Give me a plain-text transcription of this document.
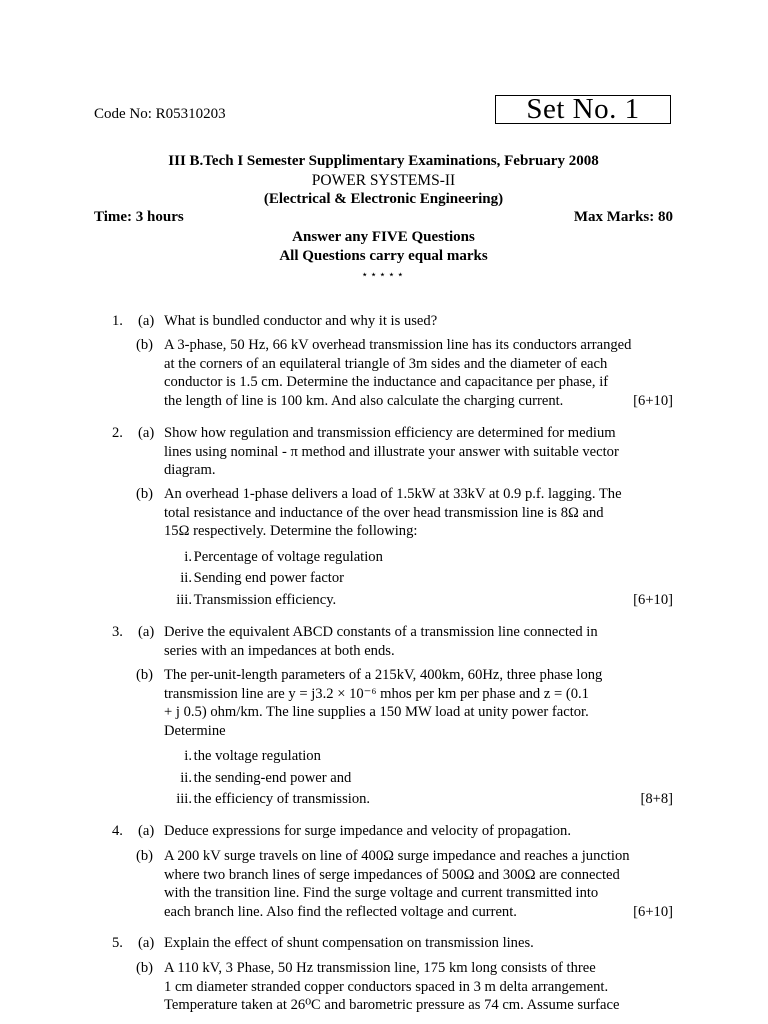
Code No: R05310203	Set No. 1
III B.Tech I Semester Supplimentary Examinations, February 2008
POWER SYSTEMS-II
(Electrical & Electronic Engineering)
Time: 3 hours	Max Marks: 80
Answer any FIVE Questions
All Questions carry equal marks
⋆⋆⋆⋆⋆
1. (a) What is bundled conductor and why it is used?
(b) A 3-phase, 50 Hz, 66 kV overhead transmission line has its conductors arranged
at the corners of an equilateral triangle of 3m sides and the diameter of each
conductor is 1.5 cm. Determine the inductance and capacitance per phase, if
the length of line is 100 km. And also calculate the charging current.	[6+10]
2. (a) Show how regulation and transmission efficiency are determined for medium
lines using nominal - π method and illustrate your answer with suitable vector
diagram.
(b) An overhead 1-phase delivers a load of 1.5kW at 33kV at 0.9 p.f. lagging. The
total resistance and inductance of the over head transmission line is 8Ω and
15Ω respectively. Determine the following:
i. Percentage of voltage regulation
ii. Sending end power factor
iii. Transmission efficiency.	[6+10]
3. (a) Derive the equivalent ABCD constants of a transmission line connected in
series with an impedances at both ends.
(b) The per-unit-length parameters of a 215kV, 400km, 60Hz, three phase long
transmission line are y = j3.2 × 10⁻⁶ mhos per km per phase and z = (0.1
+ j 0.5) ohm/km. The line supplies a 150 MW load at unity power factor.
Determine
i. the voltage regulation
ii. the sending-end power and
iii. the efficiency of transmission.	[8+8]
4. (a) Deduce expressions for surge impedance and velocity of propagation.
(b) A 200 kV surge travels on line of 400Ω surge impedance and reaches a junction
where two branch lines of serge impedances of 500Ω and 300Ω are connected
with the transition line. Find the surge voltage and current transmitted into
each branch line. Also find the reflected voltage and current.	[6+10]
5. (a) Explain the effect of shunt compensation on transmission lines.
(b) A 110 kV, 3 Phase, 50 Hz transmission line, 175 km long consists of three
1 cm diameter stranded copper conductors spaced in 3 m delta arrangement.
Temperature taken at 26⁰C and barometric pressure as 74 cm. Assume surface
